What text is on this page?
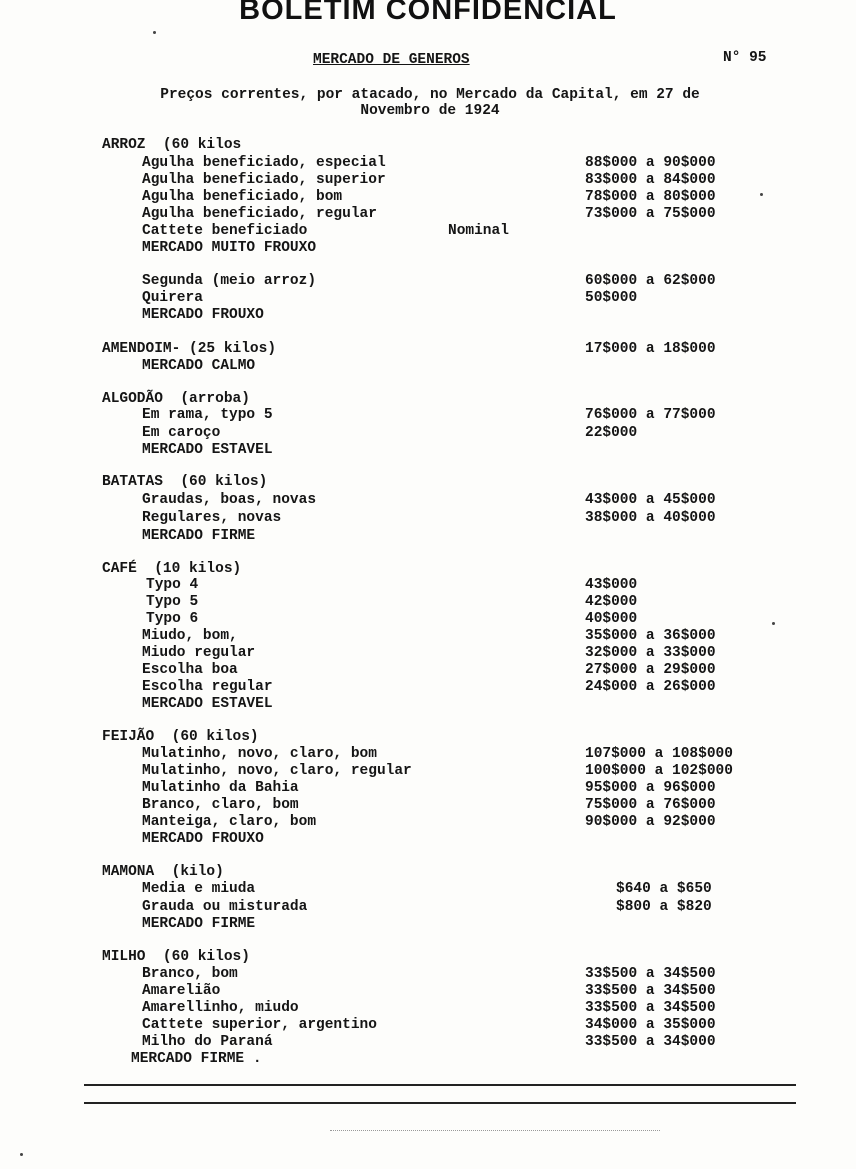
BOLETIM CONFIDENCIAL
MERCADO DE GENEROS	N° 95
Preços correntes, por atacado, no Mercado da Capital, em 27 de Novembro de 1924
ARROZ  (60 kilos
Agulha beneficiado, especial	88$000 a 90$000
Agulha beneficiado, superior	83$000 a 84$000
Agulha beneficiado, bom	78$000 a 80$000
Agulha beneficiado, regular	73$000 a 75$000
Cattete beneficiado	Nominal
MERCADO MUITO FROUXO
Segunda (meio arroz)	60$000 a 62$000
Quirera	50$000
MERCADO FROUXO
AMENDOIM- (25 kilos)	17$000 a 18$000
MERCADO CALMO
ALGODÃO  (arroba)
Em rama, typo 5	76$000 a 77$000
Em caroço	22$000
MERCADO ESTAVEL
BATATAS  (60 kilos)
Graudas, boas, novas	43$000 a 45$000
Regulares, novas	38$000 a 40$000
MERCADO FIRME
CAFÉ  (10 kilos)
Typo 4	43$000
Typo 5	42$000
Typo 6	40$000
Miudo, bom,	35$000 a 36$000
Miudo regular	32$000 a 33$000
Escolha boa	27$000 a 29$000
Escolha regular	24$000 a 26$000
MERCADO ESTAVEL
FEIJÃO  (60 kilos)
Mulatinho, novo, claro, bom	107$000 a 108$000
Mulatinho, novo, claro, regular	100$000 a 102$000
Mulatinho da Bahia	95$000 a 96$000
Branco, claro, bom	75$000 a 76$000
Manteiga, claro, bom	90$000 a 92$000
MERCADO FROUXO
MAMONA  (kilo)
Media e miuda	$640 a $650
Grauda ou misturada	$800 a $820
MERCADO FIRME
MILHO  (60 kilos)
Branco, bom	33$500 a 34$500
Amarelião	33$500 a 34$500
Amarellinho, miudo	33$500 a 34$500
Cattete superior, argentino	34$000 a 35$000
Milho do Paraná	33$500 a 34$000
MERCADO FIRME .
